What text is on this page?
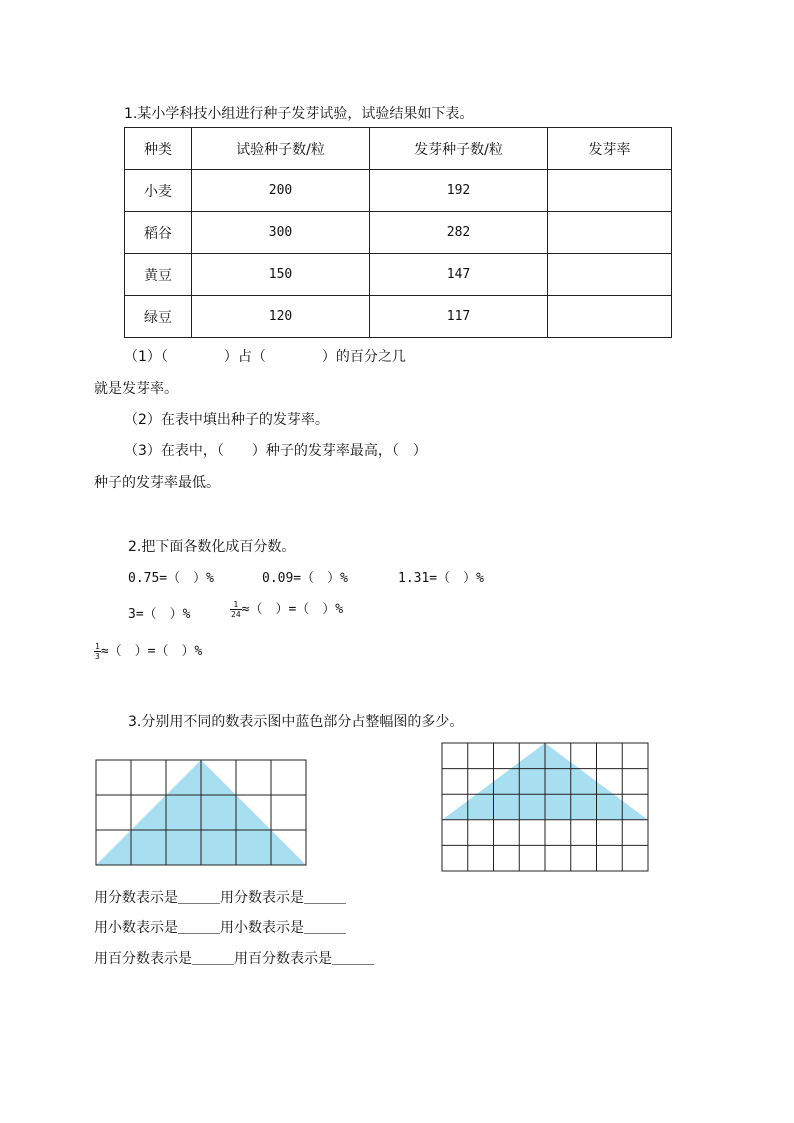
1.某小学科技小组进行种子发芽试验，试验结果如下表。
种类	试验种子数/粒	发芽种子数/粒	发芽率
小麦	200	192	
稻谷	300	282	
黄豆	150	147	
绿豆	120	117	
（1）（　　　　）占（　　　　）的百分之几
就是发芽率。
（2）在表中填出种子的发芽率。
（3）在表中，（　　）种子的发芽率最高，（　）
种子的发芽率最低。
2.把下面各数化成百分数。
0.75=（　）%	0.09=（　）%	1.31=（　）%
3=（　）%	$\frac{1}{24}$ ≈（　）=（　）%
$\frac{1}{3}$ ≈（　）=（　）%
3.分别用不同的数表示图中蓝色部分占整幅图的多少。
用分数表示是＿＿＿用分数表示是＿＿＿
用小数表示是＿＿＿用小数表示是＿＿＿
用百分数表示是＿＿＿用百分数表示是＿＿＿
